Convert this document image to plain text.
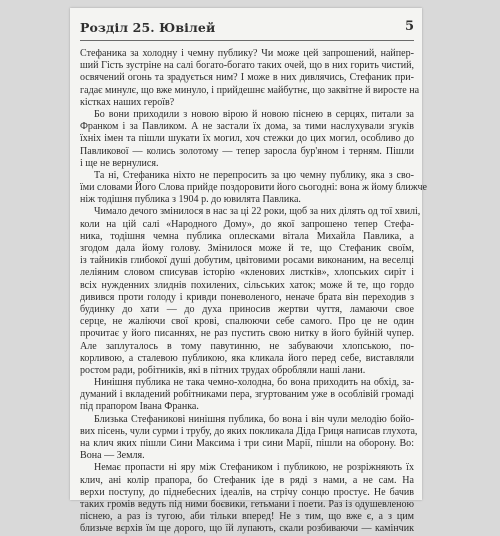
Розділ 25. Ювілей	5
Стефаника за холодну і чемну публику? Чи може цей запрошений, найпер-
ший Гість зустріне на салі богато-богато таких очей, що в них горить чистий,
освячений огонь та зрадується ним? І може в них дивлячись, Стефаник при-
гадає минулє, що вже минуло, і прийдешнє майбутнє, що заквітне й виросте на
кістках наших героїв?
Бо вони приходили з новою вірою й новою піснею в серцях, питали за
Франком і за Павликом. А не застали їх дома, за тими наслухували згуків
їхніх імен та пішли шукати їх могил, хоч стежки до цих могил, особливо до
Павликової — колись золотому — тепер заросла бур'яном і терням. Пішли
і ще не вернулися.
Та ні, Стефаника ніхто не перепросить за цю чемну публику, яка з сво-
їми словами Його Слова прийде поздоровити його сьогодні: вона ж йому ближче
ніж тодішня публика з 1904 р. до ювилята Павлика.
Чимало дечого змінилося в нас за ці 22 роки, щоб за них ділять од тої хвилі,
коли на цій салі «Народного Дому», до якої запрошено тепер Стефа-
ника, тодішня чемна публика оплесками вітала Михайла Павлика, а
згодом дала йому голову. Змінилося може й те, що Стефаник своїм,
із тайників глибокої душі добутим, цвітовими росами виконаним, на веселці
леліяним словом списував історію «кленових листків», хлопських сиріт і
всіх нужденних злиднів похилених, сільських хаток; може й те, що гордо
дивився проти голоду і кривди поневоленого, неначе брата він переходив з
будинку до хати — до духа приносив жертви чуття, ламаючи свое
серце, не жаліючи свої крові, спалюючи себе самого. Про це не один
прочитає у його писаннях, не раз пустить свою нитку в його буйній чупер.
Але заплуталось в тому павутинню, не забуваючи хлопською, по-
корливою, а сталевою публикою, яка кликала його перед себе, виставляли
ростом ради, робітників, які в пітних трудах обробляли наші лани.
Нинішня публика не така чемно-холодна, бо вона приходить на обхід, за-
думаний і вкладений робітниками пера, згуртованим уже в особлівій громаді
під прапором Івана Франка.
Близька Стефаникові нинішня публика, бо вона і він чули мелодію бойо-
вих пісень, чули сурми і трубу, до яких покликала Діда Гриця написав глухота,
на клич яких пішли Сини Максима і три сини Марії, пішли на оборону. Во:
Вона — Земля.
Немає пропасти ні яру між Стефаником і публикою, не розріжняють їх
клич, ані колір прапора, бо Стефаник іде в ряді з нами, а не сам. На
верхи поступу, до піднебесних ідеалів, на стрічу сонцю простує. Не бачив
таких громів ведуть під ними боєвики, гетьмани і поети. Раз із одушевленою
піснею, а раз із тугою, аби тільки вперед! Не з тим, що вже є, а з цим
близьче вєрхів їм ще дорого, що їй лупають, скали розбиваючи — камінчик
